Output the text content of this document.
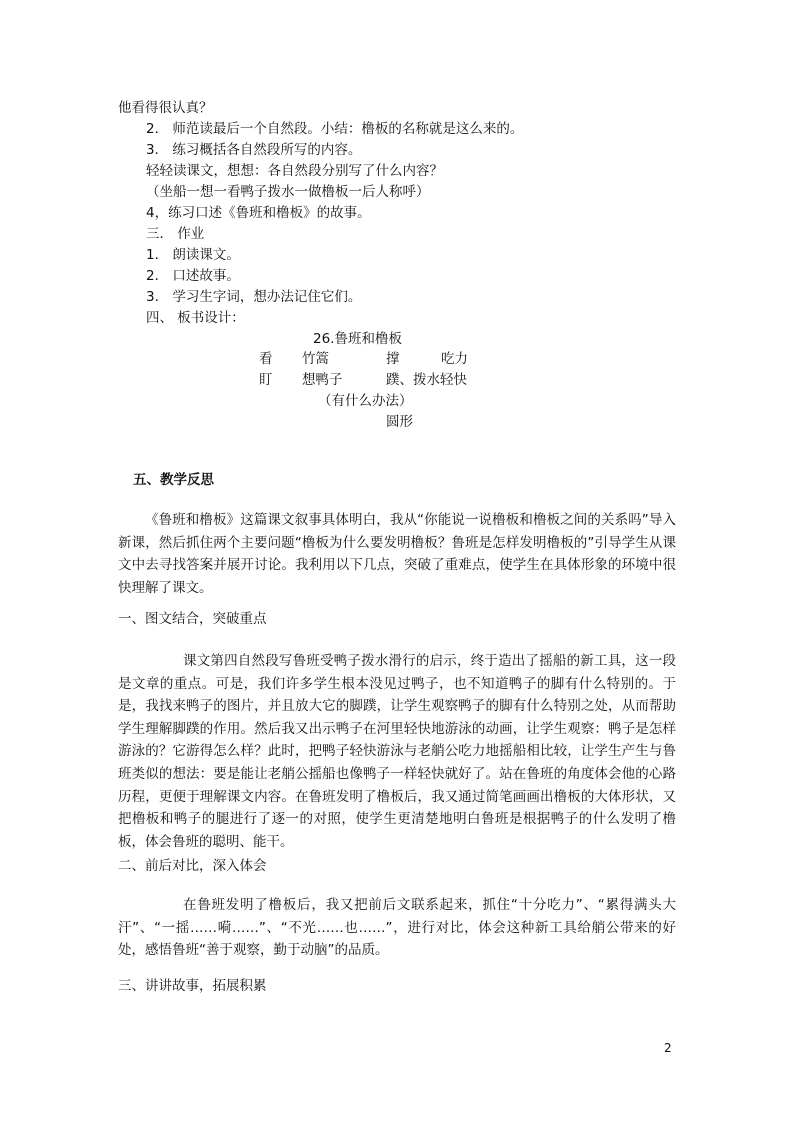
他看得很认真？
2． 师范读最后一个自然段。小结：橹板的名称就是这么来的。
3． 练习概括各自然段所写的内容。
轻轻读课文，想想：各自然段分别写了什么内容？
（坐船一想一看鸭子拨水一做橹板一后人称呼）
4，练习口述《鲁班和橹板》的故事。
三． 作业
1． 朗读课文。
2． 口述故事。
3． 学习生字词，想办法记住它们。
四、 板书设计：
26.鲁班和橹板
看 竹篙	撑	吃力
盯 想鸭子	蹼、拨水轻快
（有什么办法）
圆形
五、教学反思
《鲁班和橹板》这篇课文叙事具体明白，我从“你能说一说橹板和橹板之间的关系吗”导入新课，然后抓住两个主要问题“橹板为什么要发明橹板？鲁班是怎样发明橹板的”引导学生从课文中去寻找答案并展开讨论。我利用以下几点，突破了重难点，使学生在具体形象的环境中很快理解了课文。
一、图文结合，突破重点
课文第四自然段写鲁班受鸭子拨水滑行的启示，终于造出了摇船的新工具，这一段是文章的重点。可是，我们许多学生根本没见过鸭子，也不知道鸭子的脚有什么特别的。于是，我找来鸭子的图片，并且放大它的脚蹼，让学生观察鸭子的脚有什么特别之处，从而帮助学生理解脚蹼的作用。然后我又出示鸭子在河里轻快地游泳的动画，让学生观察：鸭子是怎样游泳的？它游得怎么样？此时，把鸭子轻快游泳与老艄公吃力地摇船相比较，让学生产生与鲁班类似的想法：要是能让老艄公摇船也像鸭子一样轻快就好了。站在鲁班的角度体会他的心路历程，更便于理解课文内容。在鲁班发明了橹板后，我又通过简笔画画出橹板的大体形状，又把橹板和鸭子的腿进行了逐一的对照，使学生更清楚地明白鲁班是根据鸭子的什么发明了橹板，体会鲁班的聪明、能干。
二、前后对比，深入体会
在鲁班发明了橹板后，我又把前后文联系起来，抓住“十分吃力”、“累得满头大汗”、“一摇……嗬……”、“不光……也……”，进行对比，体会这种新工具给艄公带来的好处，感悟鲁班“善于观察，勤于动脑”的品质。
三、讲讲故事，拓展积累
2
